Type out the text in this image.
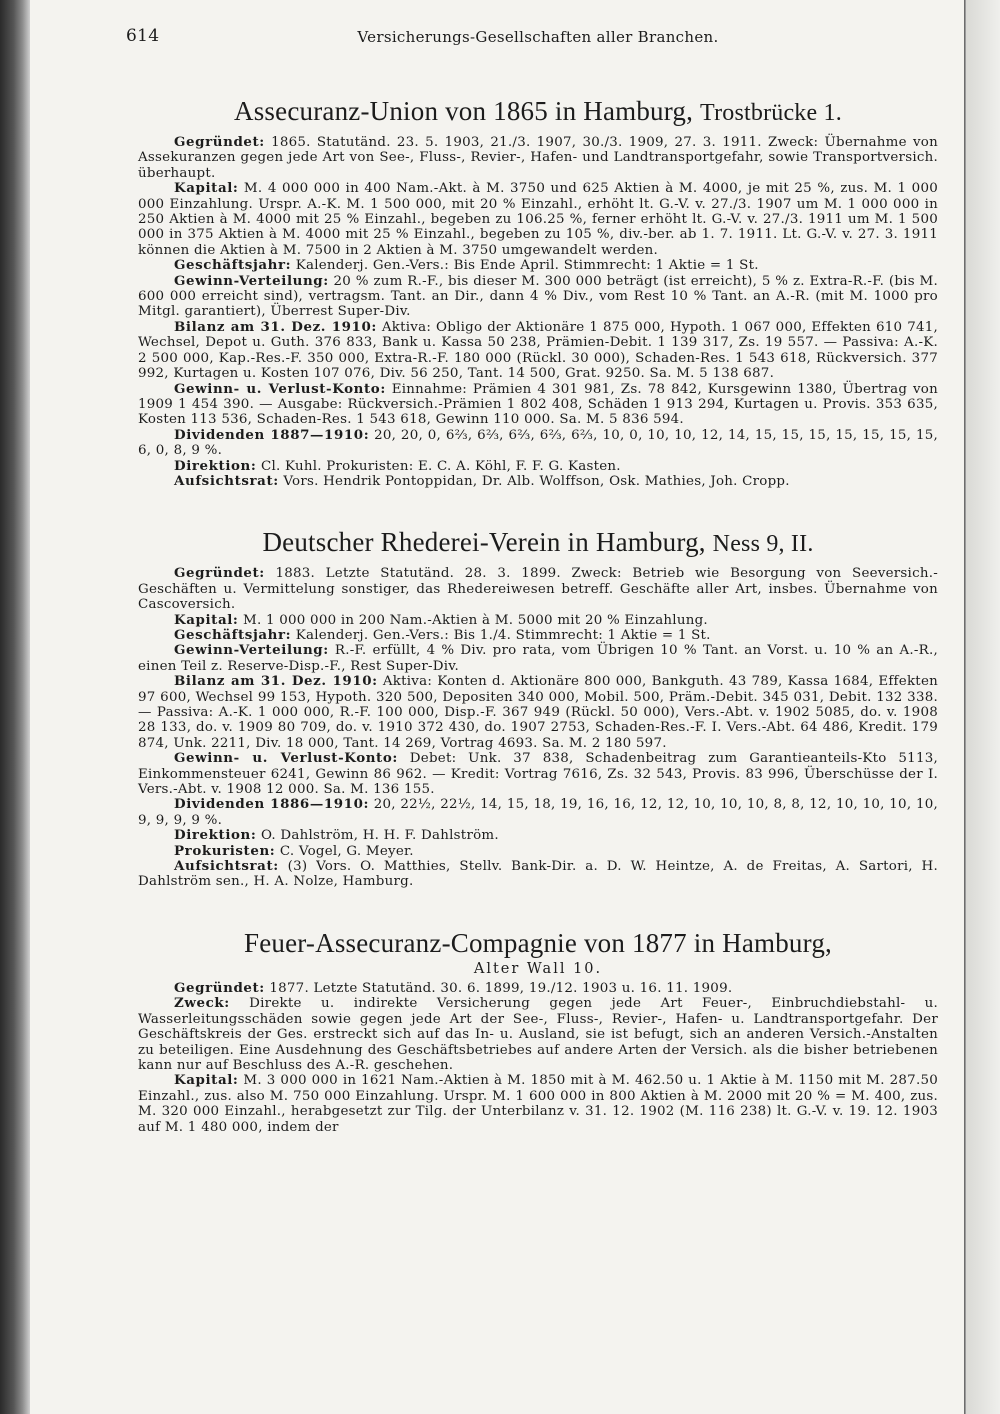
614	Versicherungs-Gesellschaften aller Branchen.
Assecuranz-Union von 1865 in Hamburg, Trostbrücke 1.

Gegründet: 1865. Statutänd. 23. 5. 1903, 21./3. 1907, 30./3. 1909, 27. 3. 1911. Zweck: Übernahme von Assekuranzen gegen jede Art von See-, Fluss-, Revier-, Hafen- und Landtransportgefahr, sowie Transportversich. überhaupt.

Kapital: M. 4 000 000 in 400 Nam.-Akt. à M. 3750 und 625 Aktien à M. 4000, je mit 25 %, zus. M. 1 000 000 Einzahlung. Urspr. A.-K. M. 1 500 000, mit 20 % Einzahl., erhöht lt. G.-V. v. 27./3. 1907 um M. 1 000 000 in 250 Aktien à M. 4000 mit 25 % Einzahl., begeben zu 106.25 %, ferner erhöht lt. G.-V. v. 27./3. 1911 um M. 1 500 000 in 375 Aktien à M. 4000 mit 25 % Einzahl., begeben zu 105 %, div.-ber. ab 1. 7. 1911. Lt. G.-V. v. 27. 3. 1911 können die Aktien à M. 7500 in 2 Aktien à M. 3750 umgewandelt werden.

Geschäftsjahr: Kalenderj. Gen.-Vers.: Bis Ende April. Stimmrecht: 1 Aktie = 1 St.

Gewinn-Verteilung: 20 % zum R.-F., bis dieser M. 300 000 beträgt (ist erreicht), 5 % z. Extra-R.-F. (bis M. 600 000 erreicht sind), vertragsm. Tant. an Dir., dann 4 % Div., vom Rest 10 % Tant. an A.-R. (mit M. 1000 pro Mitgl. garantiert), Überrest Super-Div.

Bilanz am 31. Dez. 1910: Aktiva: Obligo der Aktionäre 1 875 000, Hypoth. 1 067 000, Effekten 610 741, Wechsel, Depot u. Guth. 376 833, Bank u. Kassa 50 238, Prämien-Debit. 1 139 317, Zs. 19 557. — Passiva: A.-K. 2 500 000, Kap.-Res.-F. 350 000, Extra-R.-F. 180 000 (Rückl. 30 000), Schaden-Res. 1 543 618, Rückversich. 377 992, Kurtagen u. Kosten 107 076, Div. 56 250, Tant. 14 500, Grat. 9250. Sa. M. 5 138 687.

Gewinn- u. Verlust-Konto: Einnahme: Prämien 4 301 981, Zs. 78 842, Kursgewinn 1380, Übertrag von 1909 1 454 390. — Ausgabe: Rückversich.-Prämien 1 802 408, Schäden 1 913 294, Kurtagen u. Provis. 353 635, Kosten 113 536, Schaden-Res. 1 543 618, Gewinn 110 000. Sa. M. 5 836 594.

Dividenden 1887—1910: 20, 20, 0, 6⅔, 6⅔, 6⅔, 6⅔, 6⅔, 10, 0, 10, 10, 12, 14, 15, 15, 15, 15, 15, 15, 15, 6, 0, 8, 9 %.

Direktion: Cl. Kuhl. Prokuristen: E. C. A. Köhl, F. F. G. Kasten.

Aufsichtsrat: Vors. Hendrik Pontoppidan, Dr. Alb. Wolffson, Osk. Mathies, Joh. Cropp.

Deutscher Rhederei-Verein in Hamburg, Ness 9, II.

Gegründet: 1883. Letzte Statutänd. 28. 3. 1899. Zweck: Betrieb wie Besorgung von Seeversich.-Geschäften u. Vermittelung sonstiger, das Rhedereiwesen betreff. Geschäfte aller Art, insbes. Übernahme von Cascoversich.

Kapital: M. 1 000 000 in 200 Nam.-Aktien à M. 5000 mit 20 % Einzahlung.

Geschäftsjahr: Kalenderj. Gen.-Vers.: Bis 1./4. Stimmrecht: 1 Aktie = 1 St.

Gewinn-Verteilung: R.-F. erfüllt, 4 % Div. pro rata, vom Übrigen 10 % Tant. an Vorst. u. 10 % an A.-R., einen Teil z. Reserve-Disp.-F., Rest Super-Div.

Bilanz am 31. Dez. 1910: Aktiva: Konten d. Aktionäre 800 000, Bankguth. 43 789, Kassa 1684, Effekten 97 600, Wechsel 99 153, Hypoth. 320 500, Depositen 340 000, Mobil. 500, Präm.-Debit. 345 031, Debit. 132 338. — Passiva: A.-K. 1 000 000, R.-F. 100 000, Disp.-F. 367 949 (Rückl. 50 000), Vers.-Abt. v. 1902 5085, do. v. 1908 28 133, do. v. 1909 80 709, do. v. 1910 372 430, do. 1907 2753, Schaden-Res.-F. I. Vers.-Abt. 64 486, Kredit. 179 874, Unk. 2211, Div. 18 000, Tant. 14 269, Vortrag 4693. Sa. M. 2 180 597.

Gewinn- u. Verlust-Konto: Debet: Unk. 37 838, Schadenbeitrag zum Garantieanteils-Kto 5113, Einkommensteuer 6241, Gewinn 86 962. — Kredit: Vortrag 7616, Zs. 32 543, Provis. 83 996, Überschüsse der I. Vers.-Abt. v. 1908 12 000. Sa. M. 136 155.

Dividenden 1886—1910: 20, 22½, 22½, 14, 15, 18, 19, 16, 16, 12, 12, 10, 10, 10, 8, 8, 12, 10, 10, 10, 10, 9, 9, 9, 9 %.

Direktion: O. Dahlström, H. H. F. Dahlström.

Prokuristen: C. Vogel, G. Meyer.

Aufsichtsrat: (3) Vors. O. Matthies, Stellv. Bank-Dir. a. D. W. Heintze, A. de Freitas, A. Sartori, H. Dahlström sen., H. A. Nolze, Hamburg.

Feuer-Assecuranz-Compagnie von 1877 in Hamburg,
Alter Wall 10.

Gegründet: 1877. Letzte Statutänd. 30. 6. 1899, 19./12. 1903 u. 16. 11. 1909.

Zweck: Direkte u. indirekte Versicherung gegen jede Art Feuer-, Einbruchdiebstahl- u. Wasserleitungsschäden sowie gegen jede Art der See-, Fluss-, Revier-, Hafen- u. Landtransportgefahr. Der Geschäftskreis der Ges. erstreckt sich auf das In- u. Ausland, sie ist befugt, sich an anderen Versich.-Anstalten zu beteiligen. Eine Ausdehnung des Geschäftsbetriebes auf andere Arten der Versich. als die bisher betriebenen kann nur auf Beschluss des A.-R. geschehen.

Kapital: M. 3 000 000 in 1621 Nam.-Aktien à M. 1850 mit à M. 462.50 u. 1 Aktie à M. 1150 mit M. 287.50 Einzahl., zus. also M. 750 000 Einzahlung. Urspr. M. 1 600 000 in 800 Aktien à M. 2000 mit 20 % = M. 400, zus. M. 320 000 Einzahl., herabgesetzt zur Tilg. der Unterbilanz v. 31. 12. 1902 (M. 116 238) lt. G.-V. v. 19. 12. 1903 auf M. 1 480 000, indem der
